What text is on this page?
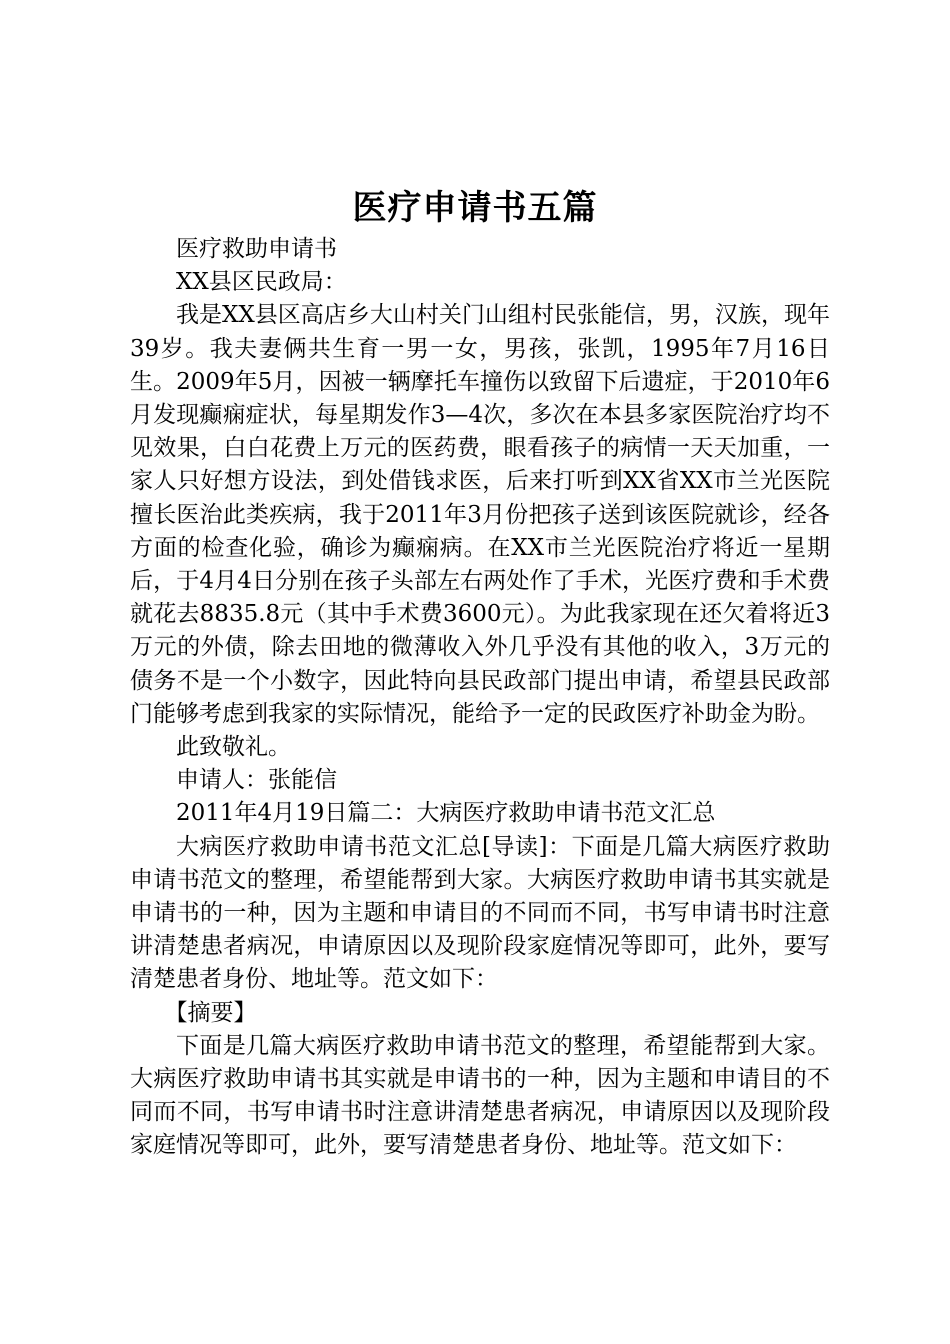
医疗申请书五篇

医疗救助申请书

XX县区民政局：

我是XX县区高店乡大山村关门山组村民张能信，男，汉族，现年39岁。我夫妻俩共生育一男一女，男孩，张凯，1995年7月16日生。2009年5月，因被一辆摩托车撞伤以致留下后遗症，于2010年6月发现癫痫症状，每星期发作3—4次，多次在本县多家医院治疗均不见效果，白白花费上万元的医药费，眼看孩子的病情一天天加重，一家人只好想方设法，到处借钱求医，后来打听到XX省XX市兰光医院擅长医治此类疾病，我于2011年3月份把孩子送到该医院就诊，经各方面的检查化验，确诊为癫痫病。在XX市兰光医院治疗将近一星期后，于4月4日分别在孩子头部左右两处作了手术，光医疗费和手术费就花去8835.8元（其中手术费3600元）。为此我家现在还欠着将近3万元的外债，除去田地的微薄收入外几乎没有其他的收入，3万元的债务不是一个小数字，因此特向县民政部门提出申请，希望县民政部门能够考虑到我家的实际情况，能给予一定的民政医疗补助金为盼。

此致敬礼。

申请人：张能信

2011年4月19日篇二：大病医疗救助申请书范文汇总

大病医疗救助申请书范文汇总[导读]：下面是几篇大病医疗救助申请书范文的整理，希望能帮到大家。大病医疗救助申请书其实就是申请书的一种，因为主题和申请目的不同而不同，书写申请书时注意讲清楚患者病况，申请原因以及现阶段家庭情况等即可，此外，要写清楚患者身份、地址等。范文如下：

【摘要】

下面是几篇大病医疗救助申请书范文的整理，希望能帮到大家。大病医疗救助申请书其实就是申请书的一种，因为主题和申请目的不同而不同，书写申请书时注意讲清楚患者病况，申请原因以及现阶段家庭情况等即可，此外，要写清楚患者身份、地址等。范文如下：
